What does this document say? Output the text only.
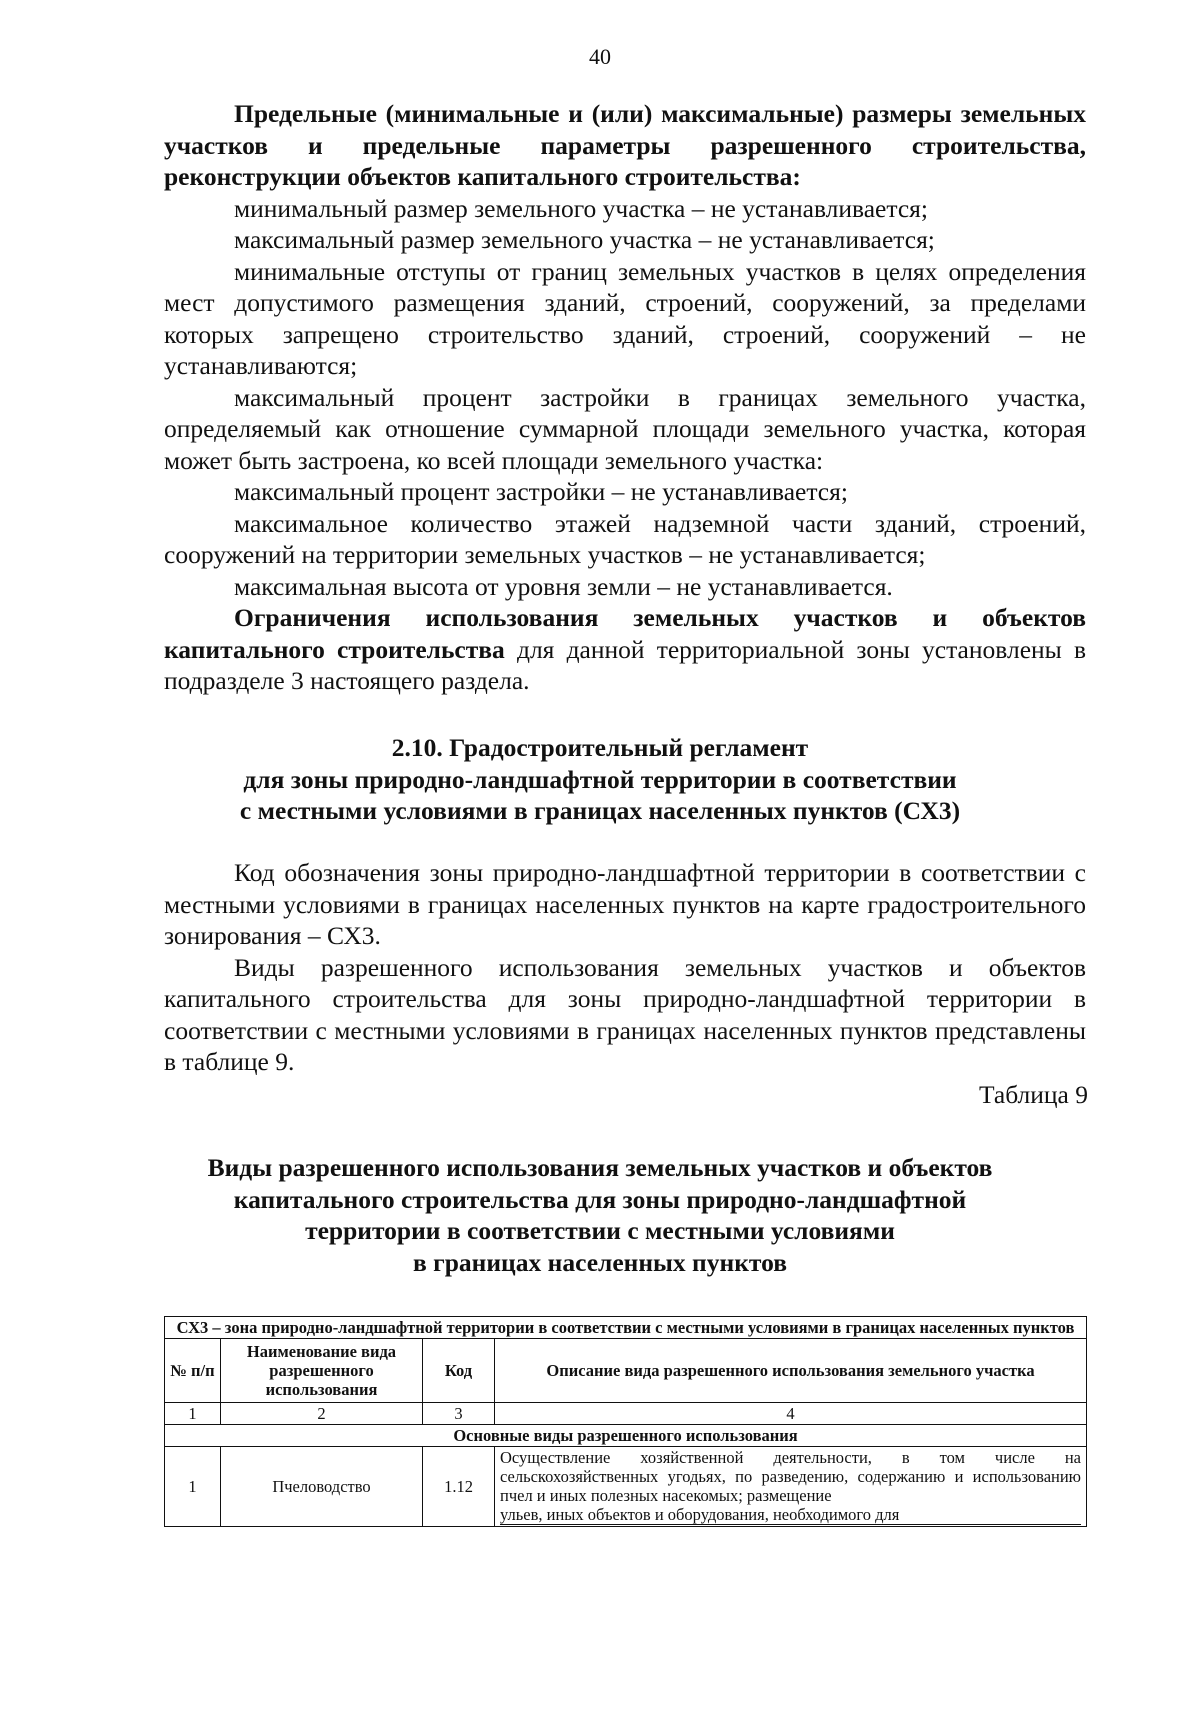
40

Предельные (минимальные и (или) максимальные) размеры земельных участков и предельные параметры разрешенного строительства, реконструкции объектов капитального строительства:

минимальный размер земельного участка – не устанавливается;

максимальный размер земельного участка – не устанавливается;

минимальные отступы от границ земельных участков в целях определения мест допустимого размещения зданий, строений, сооружений, за пределами которых запрещено строительство зданий, строений, сооружений – не устанавливаются;

максимальный процент застройки в границах земельного участка, определяемый как отношение суммарной площади земельного участка, которая может быть застроена, ко всей площади земельного участка:

максимальный процент застройки – не устанавливается;

максимальное количество этажей надземной части зданий, строений, сооружений на территории земельных участков – не устанавливается;

максимальная высота от уровня земли – не устанавливается.

Ограничения использования земельных участков и объектов капитального строительства для данной территориальной зоны установлены в подразделе 3 настоящего раздела.

2.10. Градостроительный регламент
для зоны природно-ландшафтной территории в соответствии
с местными условиями в границах населенных пунктов (СХ3)

Код обозначения зоны природно-ландшафтной территории в соответствии с местными условиями в границах населенных пунктов на карте градостроительного зонирования – СХ3.

Виды разрешенного использования земельных участков и объектов капитального строительства для зоны природно-ландшафтной территории в соответствии с местными условиями в границах населенных пунктов представлены в таблице 9.

Таблица 9
Виды разрешенного использования земельных участков и объектов
капитального строительства для зоны природно-ландшафтной
территории в соответствии с местными условиями
в границах населенных пунктов
СХ3 – зона природно-ландшафтной территории в соответствии с местными условиями в границах населенных пунктов			
№ п/п	Наименование вида разрешенного использования	Код	Описание вида разрешенного использования земельного участка
1	2	3	4
Основные виды разрешенного использования			
1	Пчеловодство	1.12	Осуществление хозяйственной деятельности, в том числе на сельскохозяйственных угодьях, по разведению, содержанию и использованию пчел и иных полезных насекомых; размещение
ульев, иных объектов и оборудования, необходимого для
